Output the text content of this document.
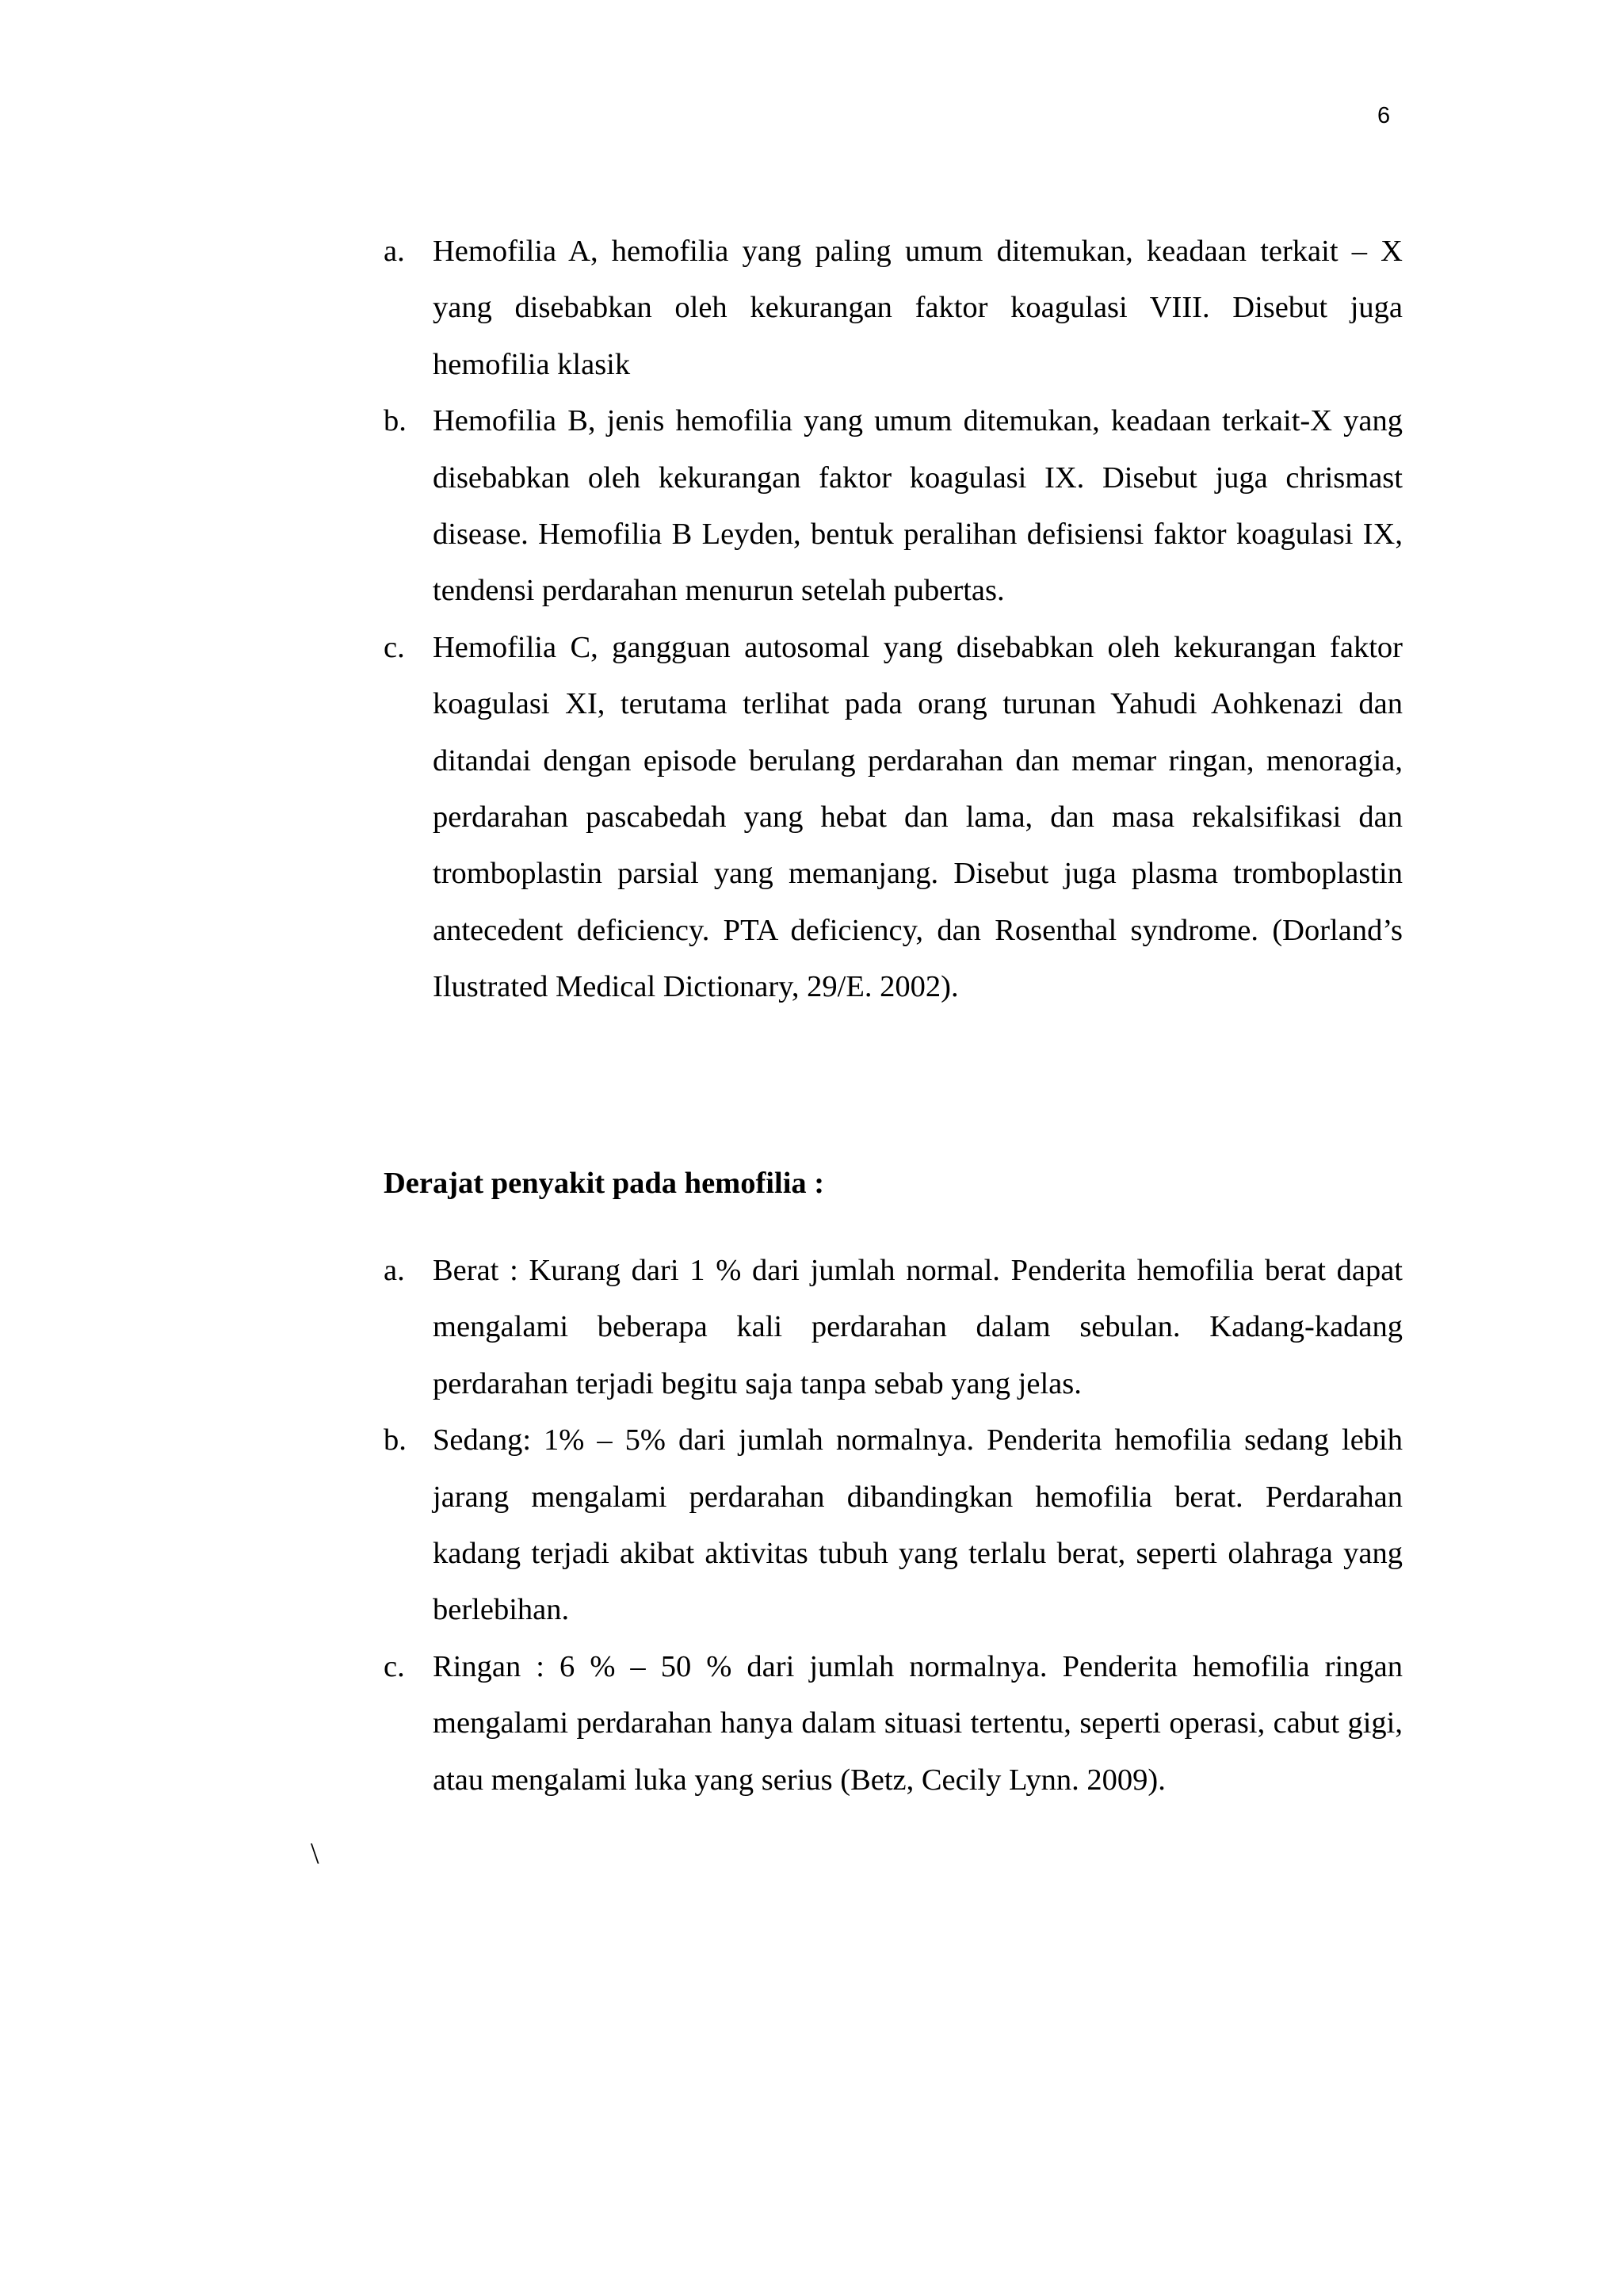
6
a. Hemofilia A, hemofilia yang paling umum ditemukan, keadaan terkait – X yang disebabkan oleh kekurangan faktor koagulasi VIII. Disebut juga hemofilia klasik
b. Hemofilia B, jenis hemofilia yang umum ditemukan, keadaan terkait-X yang disebabkan oleh kekurangan faktor koagulasi IX. Disebut juga chrismast disease. Hemofilia B Leyden, bentuk peralihan defisiensi faktor koagulasi IX, tendensi perdarahan menurun setelah pubertas.
c. Hemofilia C, gangguan autosomal yang disebabkan oleh kekurangan faktor koagulasi XI, terutama terlihat pada orang turunan Yahudi Aohkenazi dan ditandai dengan episode berulang perdarahan dan memar ringan, menoragia, perdarahan pascabedah yang hebat dan lama, dan masa rekalsifikasi dan tromboplastin parsial yang memanjang. Disebut juga plasma tromboplastin antecedent deficiency. PTA deficiency, dan Rosenthal syndrome. (Dorland’s Ilustrated Medical Dictionary, 29/E. 2002).
Derajat penyakit pada hemofilia :
a. Berat : Kurang dari 1 % dari jumlah normal. Penderita hemofilia berat dapat mengalami beberapa kali perdarahan dalam sebulan. Kadang-kadang perdarahan terjadi begitu saja tanpa sebab yang jelas.
b. Sedang: 1% – 5% dari jumlah normalnya. Penderita hemofilia sedang lebih jarang mengalami perdarahan dibandingkan hemofilia berat. Perdarahan kadang terjadi akibat aktivitas tubuh yang terlalu berat, seperti olahraga yang berlebihan.
c. Ringan : 6 % – 50 % dari jumlah normalnya. Penderita hemofilia ringan mengalami perdarahan hanya dalam situasi tertentu, seperti operasi, cabut gigi, atau mengalami luka yang serius (Betz, Cecily Lynn. 2009).
\
